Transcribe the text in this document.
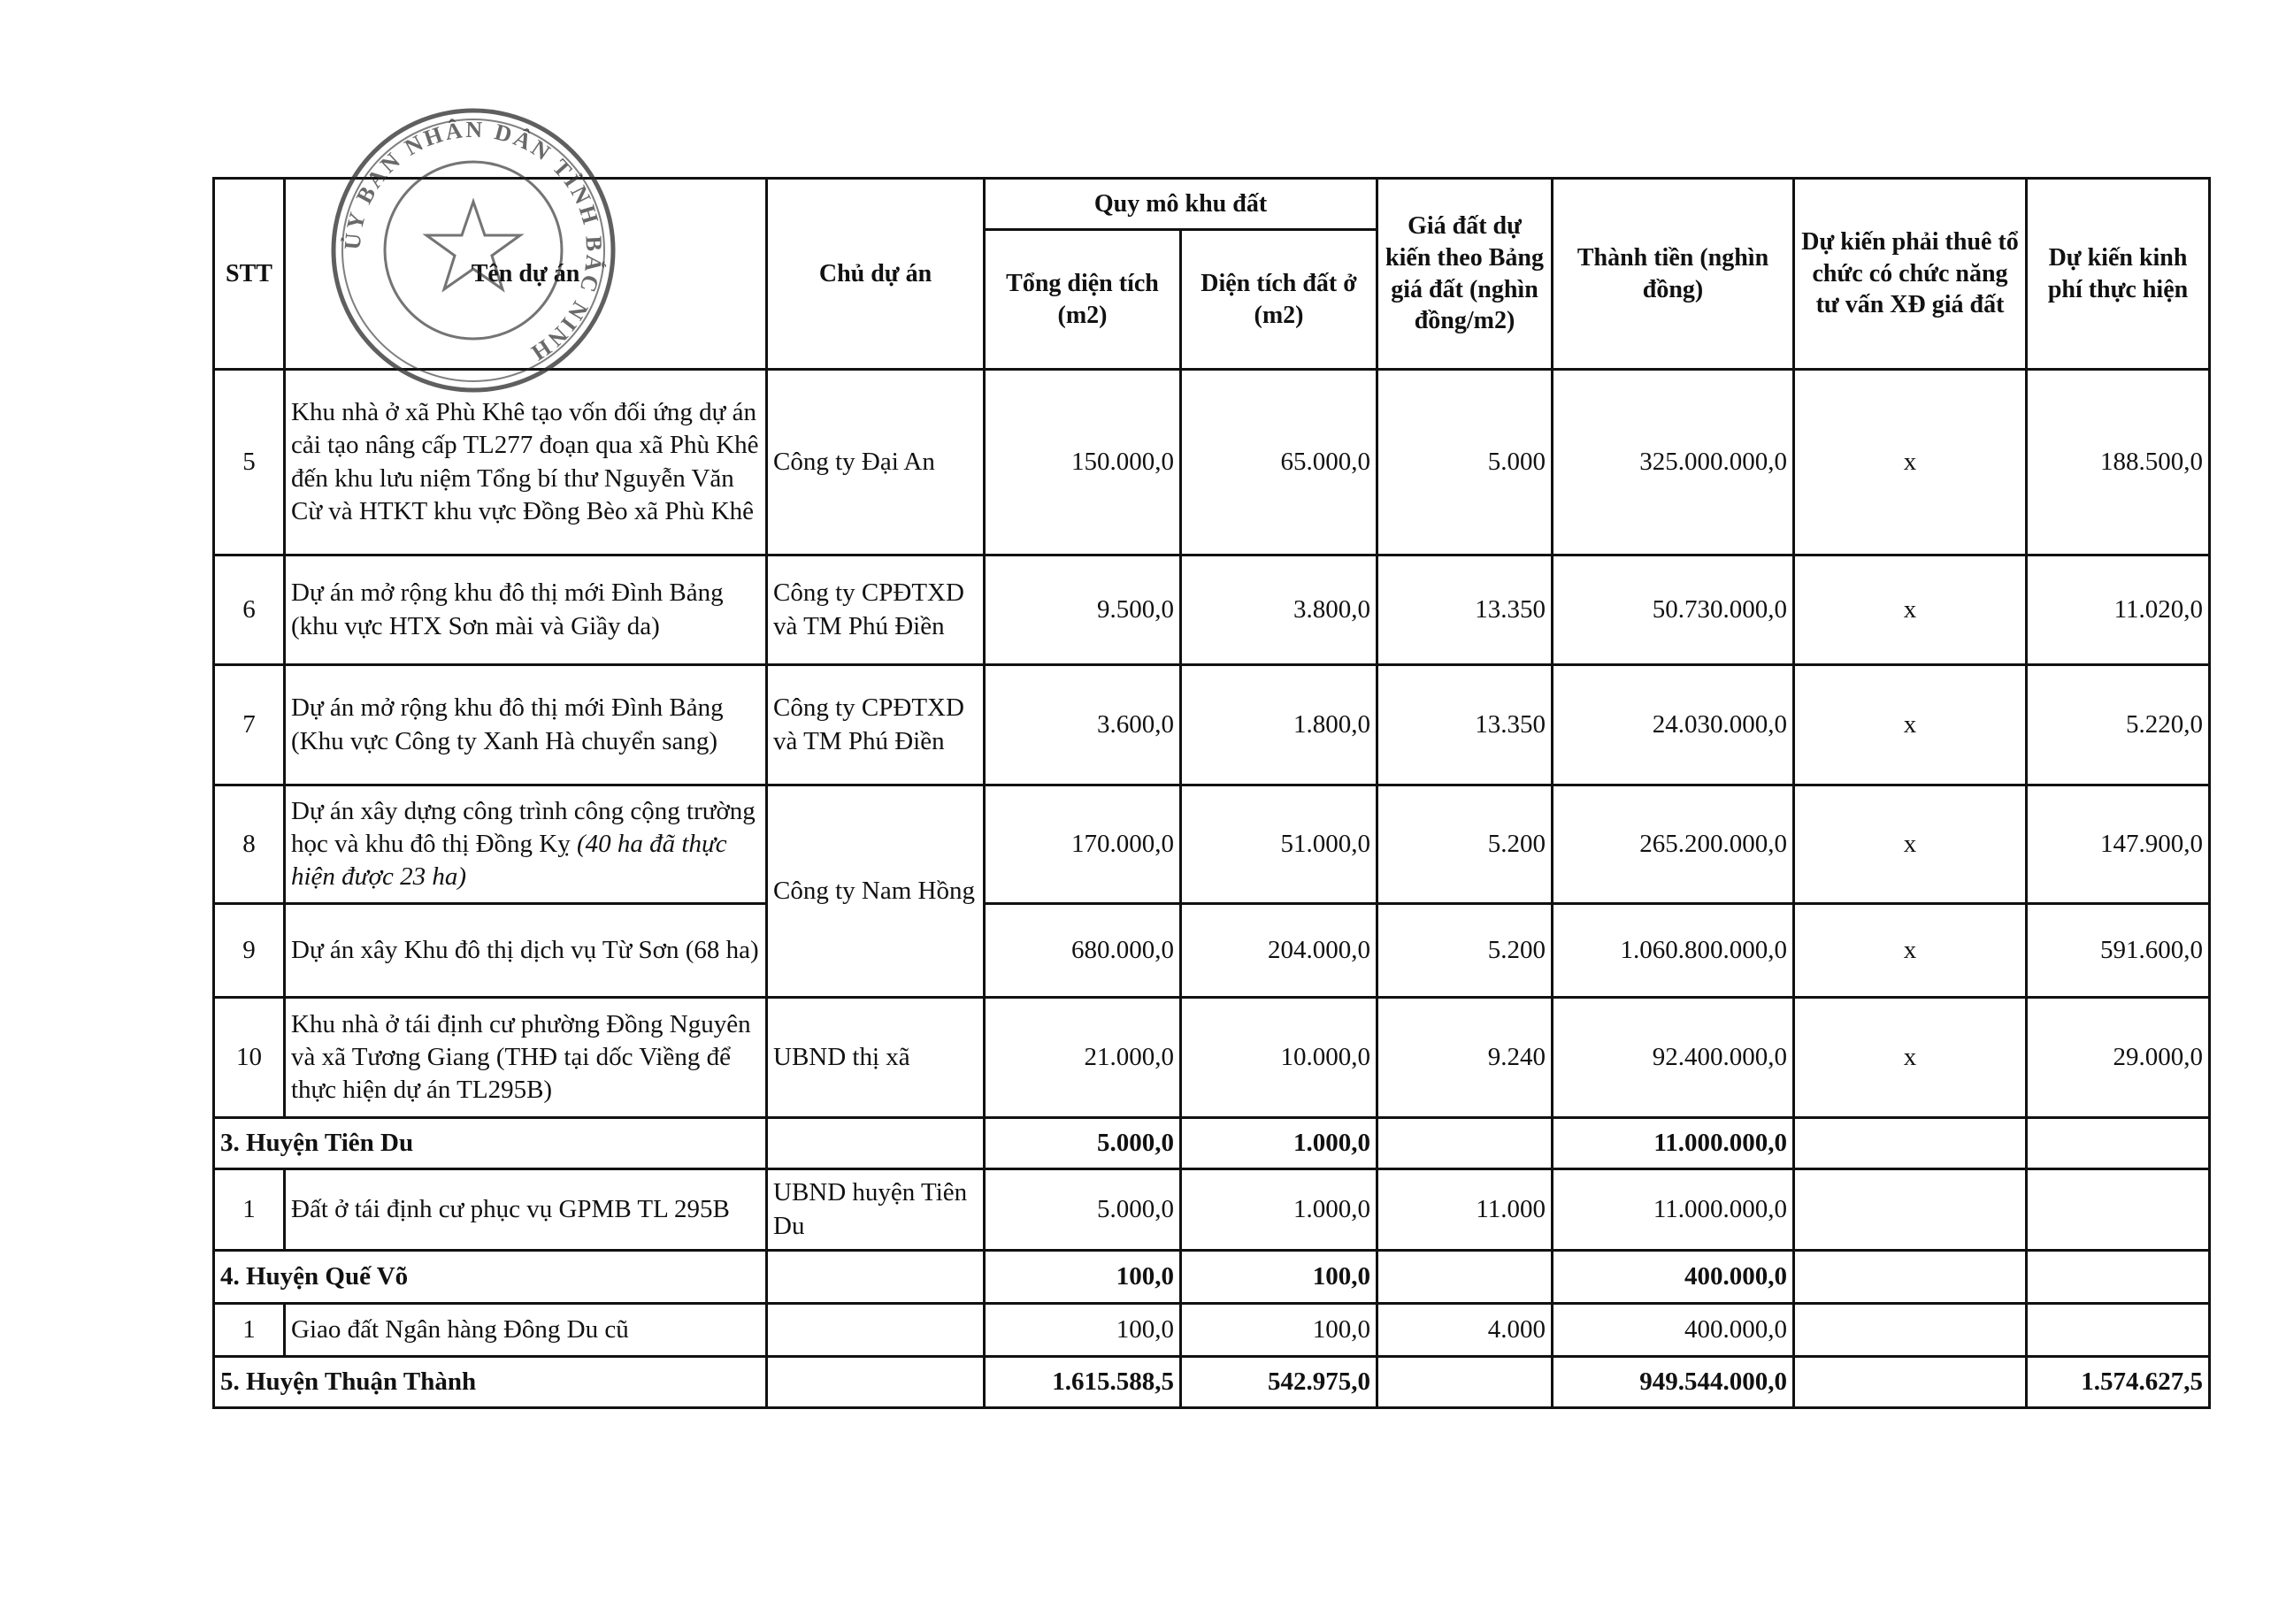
STT	Tên dự án	Chủ dự án	Quy mô khu đất		Giá đất dự kiến theo Bảng giá đất (nghìn đồng/m2)	Thành tiền (nghìn đồng)	Dự kiến phải thuê tổ chức có chức năng tư vấn XĐ giá đất	Dự kiến kinh phí thực hiện
			Tổng diện tích (m2)	Diện tích đất ở (m2)				
5	Khu nhà ở xã Phù Khê tạo vốn đối ứng dự án cải tạo nâng cấp TL277 đoạn qua xã Phù Khê đến khu lưu niệm Tổng bí thư Nguyễn Văn Cừ và HTKT khu vực Đồng Bèo xã Phù Khê	Công ty Đại An	150.000,0	65.000,0	5.000	325.000.000,0	x	188.500,0
6	Dự án mở rộng khu đô thị mới Đình Bảng (khu vực HTX Sơn mài và Giầy da)	Công ty CPĐTXD và TM Phú Điền	9.500,0	3.800,0	13.350	50.730.000,0	x	11.020,0
7	Dự án mở rộng khu đô thị mới Đình Bảng (Khu vực Công ty Xanh Hà chuyển sang)	Công ty CPĐTXD và TM Phú Điền	3.600,0	1.800,0	13.350	24.030.000,0	x	5.220,0
8	Dự án xây dựng công trình công cộng trường học và khu đô thị Đồng Kỵ (40 ha đã thực hiện được 23 ha)	Công ty Nam Hồng	170.000,0	51.000,0	5.200	265.200.000,0	x	147.900,0
9	Dự án xây Khu đô thị dịch vụ Từ Sơn (68 ha)		680.000,0	204.000,0	5.200	1.060.800.000,0	x	591.600,0
10	Khu nhà ở tái định cư phường Đồng Nguyên và xã Tương Giang (THĐ tại dốc Viềng để thực hiện dự án TL295B)	UBND thị xã	21.000,0	10.000,0	9.240	92.400.000,0	x	29.000,0
3. Huyện Tiên Du			5.000,0	1.000,0		11.000.000,0		
1	Đất ở tái định cư phục vụ GPMB TL 295B	UBND huyện Tiên Du	5.000,0	1.000,0	11.000	11.000.000,0		
4. Huyện Quế Võ			100,0	100,0		400.000,0		
1	Giao đất Ngân hàng Đông Du cũ		100,0	100,0	4.000	400.000,0		
5. Huyện Thuận Thành			1.615.588,5	542.975,0		949.544.000,0		1.574.627,5
ỦY BAN NHÂN DÂN TỈNH BẮC NINH
